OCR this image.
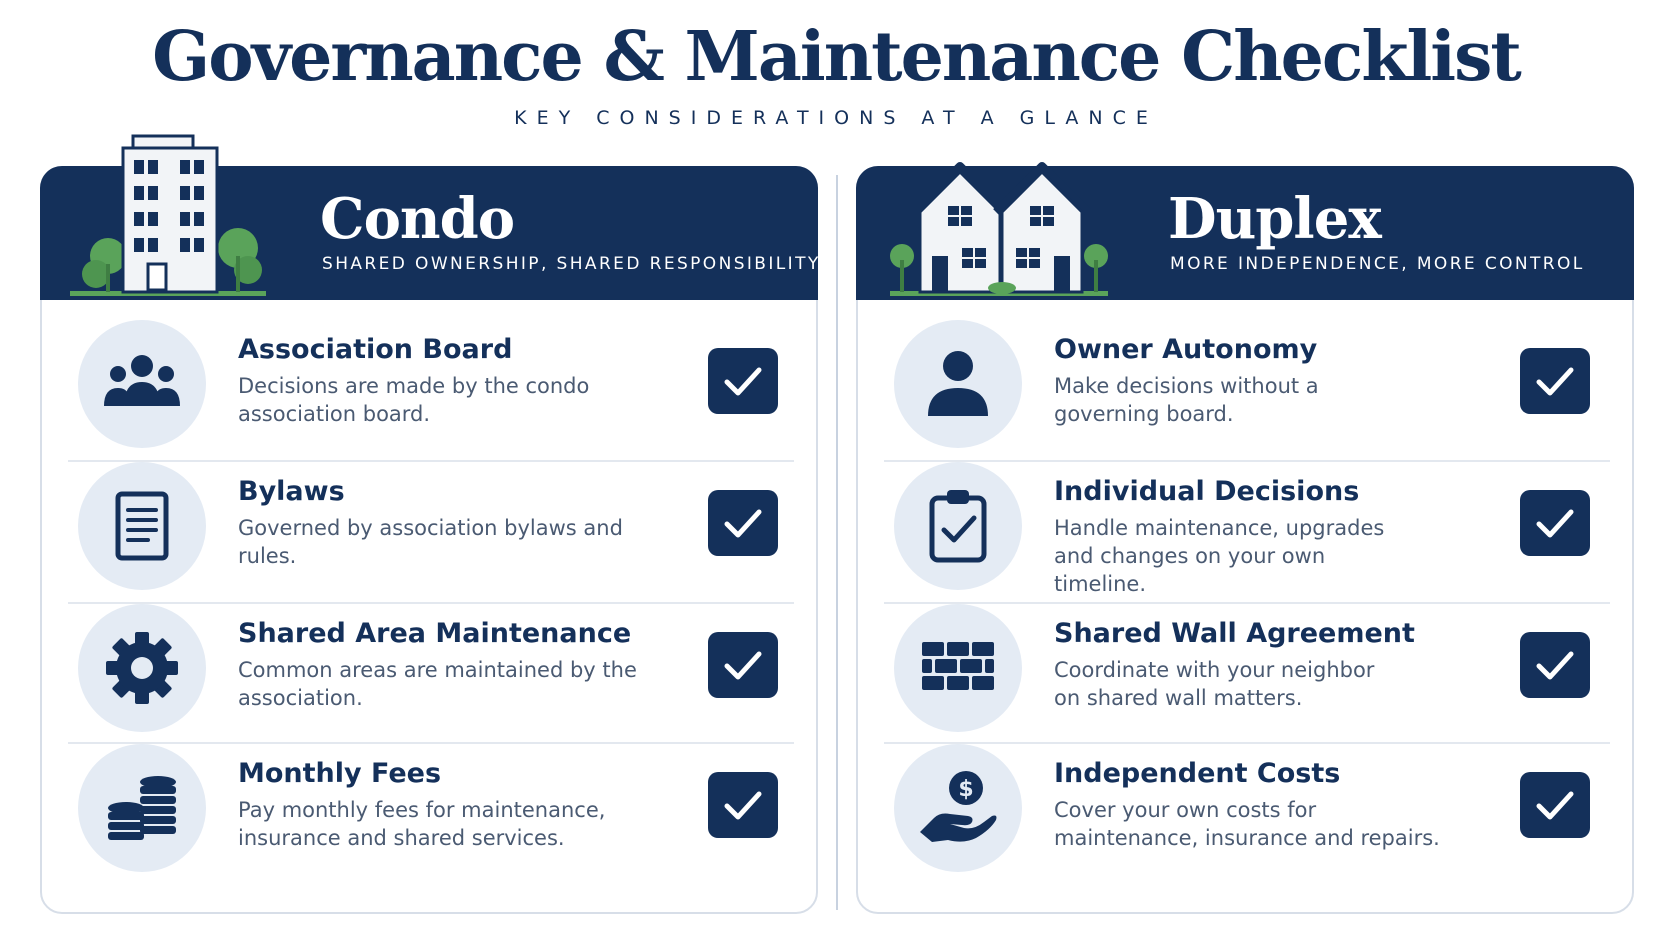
Governance & Maintenance Checklist
KEY CONSIDERATIONS AT A GLANCE
Condo
SHARED OWNERSHIP, SHARED RESPONSIBILITY
Association Board
Decisions are made by the condo association board.
Bylaws
Governed by association bylaws and rules.
Shared Area Maintenance
Common areas are maintained by the association.
Monthly Fees
Pay monthly fees for maintenance, insurance and shared services.
Duplex
MORE INDEPENDENCE, MORE CONTROL
Owner Autonomy
Make decisions without a governing board.
Individual Decisions
Handle maintenance, upgrades and changes on your own timeline.
Shared Wall Agreement
Coordinate with your neighbor on shared wall matters.
$
Independent Costs
Cover your own costs for maintenance, insurance and repairs.
